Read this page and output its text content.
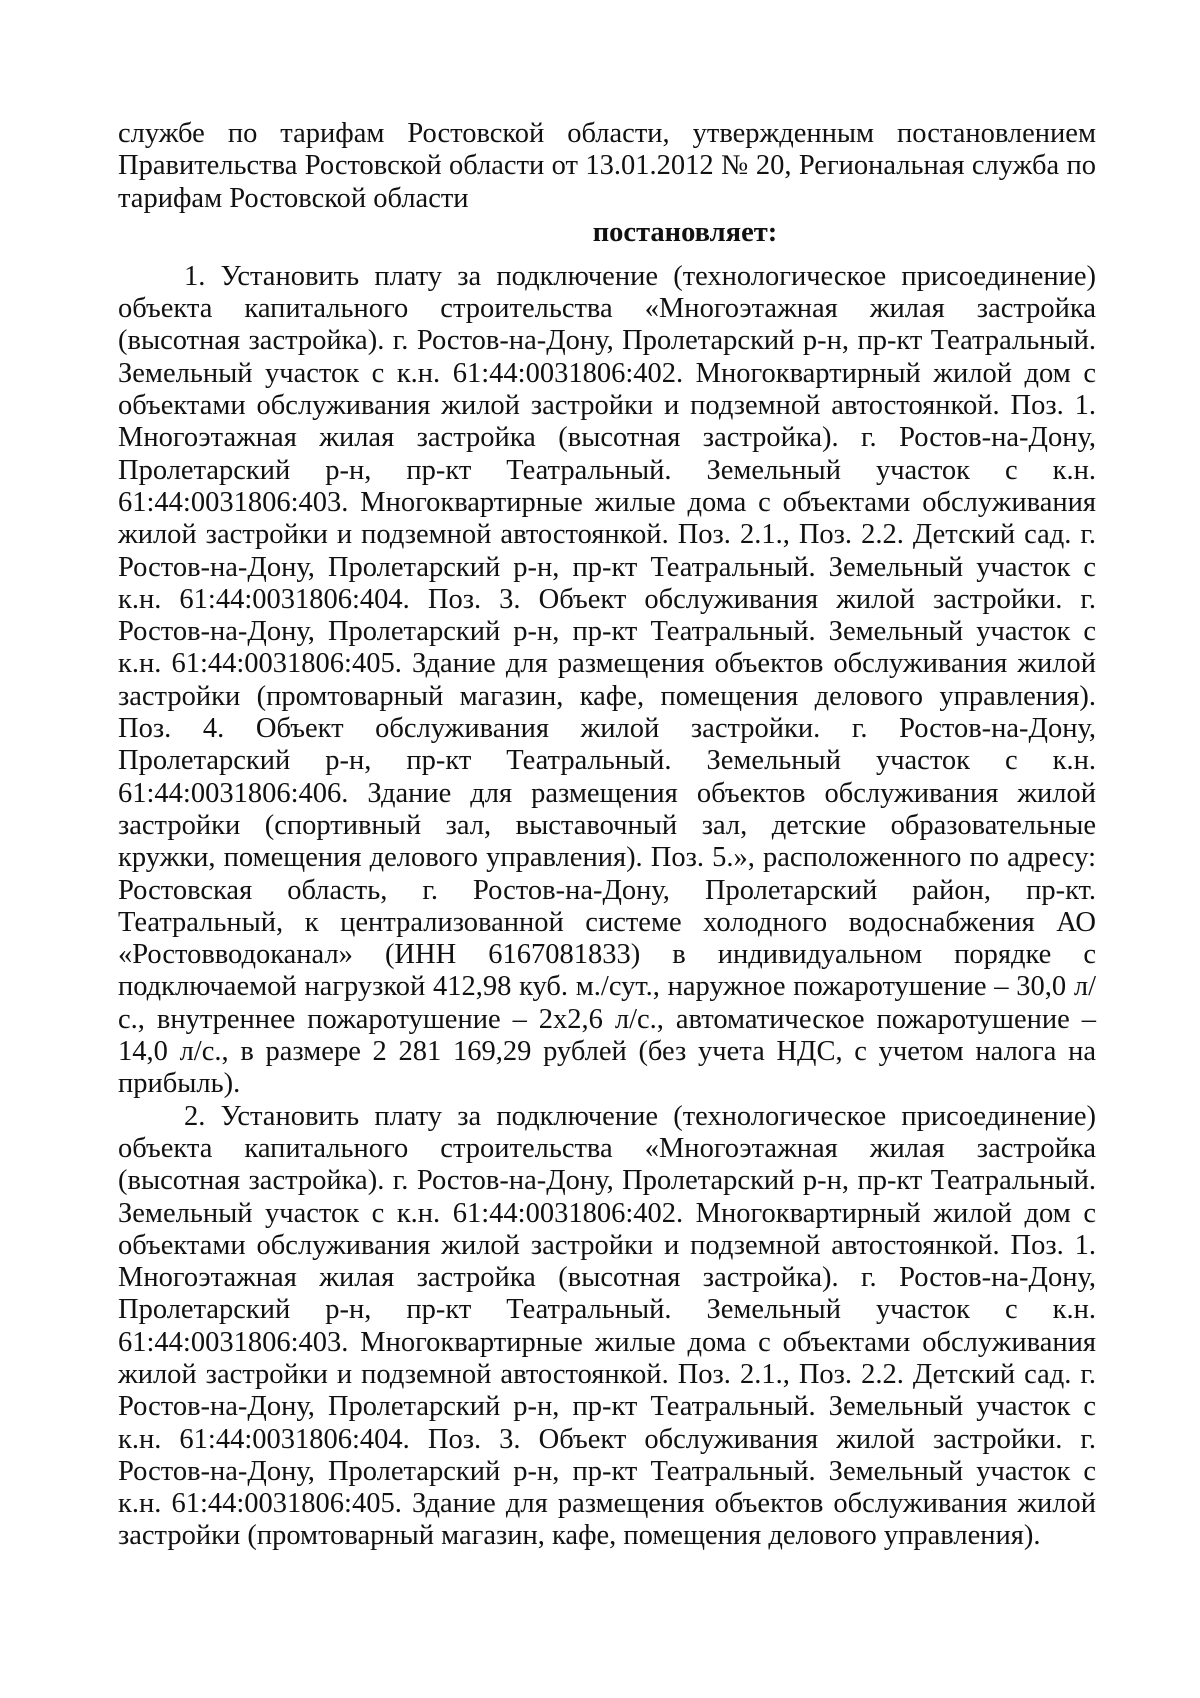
службе по тарифам Ростовской области, утвержденным постановлением Правительства Ростовской области от 13.01.2012 № 20, Региональная служба по тарифам Ростовской области

постановляет:

1. Установить плату за подключение (технологическое присоединение) объекта капитального строительства «Многоэтажная жилая застройка (высотная застройка). г. Ростов-на-Дону, Пролетарский р-н, пр-кт Театральный. Земельный участок с к.н. 61:44:0031806:402. Многоквартирный жилой дом с объектами обслуживания жилой застройки и подземной автостоянкой. Поз. 1. Многоэтажная жилая застройка (высотная застройка). г. Ростов-на-Дону, Пролетарский р-н, пр-кт Театральный. Земельный участок с к.н. 61:44:0031806:403. Многоквартирные жилые дома с объектами обслуживания жилой застройки и подземной автостоянкой. Поз. 2.1., Поз. 2.2. Детский сад. г. Ростов-на-Дону, Пролетарский р-н, пр-кт Театральный. Земельный участок с к.н. 61:44:0031806:404. Поз. 3. Объект обслуживания жилой застройки. г. Ростов-на-Дону, Пролетарский р-н, пр-кт Театральный. Земельный участок с к.н. 61:44:0031806:405. Здание для размещения объектов обслуживания жилой застройки (промтоварный магазин, кафе, помещения делового управления). Поз. 4. Объект обслуживания жилой застройки. г. Ростов-на-Дону, Пролетарский р-н, пр-кт Театральный. Земельный участок с к.н. 61:44:0031806:406. Здание для размещения объектов обслуживания жилой застройки (спортивный зал, выставочный зал, детские образовательные кружки, помещения делового управления). Поз. 5.», расположенного по адресу: Ростовская область, г. Ростов-на-Дону, Пролетарский район, пр-кт. Театральный, к централизованной системе холодного водоснабжения АО «Ростовводоканал» (ИНН 6167081833) в индивидуальном порядке с подключаемой нагрузкой 412,98 куб. м./сут., наружное пожаротушение – 30,0 л/с., внутреннее пожаротушение – 2х2,6 л/с., автоматическое пожаротушение – 14,0 л/с., в размере 2 281 169,29 рублей (без учета НДС, с учетом налога на прибыль).

2. Установить плату за подключение (технологическое присоединение) объекта капитального строительства «Многоэтажная жилая застройка (высотная застройка). г. Ростов-на-Дону, Пролетарский р-н, пр-кт Театральный. Земельный участок с к.н. 61:44:0031806:402. Многоквартирный жилой дом с объектами обслуживания жилой застройки и подземной автостоянкой. Поз. 1. Многоэтажная жилая застройка (высотная застройка). г. Ростов-на-Дону, Пролетарский р-н, пр-кт Театральный. Земельный участок с к.н. 61:44:0031806:403. Многоквартирные жилые дома с объектами обслуживания жилой застройки и подземной автостоянкой. Поз. 2.1., Поз. 2.2. Детский сад. г. Ростов-на-Дону, Пролетарский р-н, пр-кт Театральный. Земельный участок с к.н. 61:44:0031806:404. Поз. 3. Объект обслуживания жилой застройки. г. Ростов-на-Дону, Пролетарский р-н, пр-кт Театральный. Земельный участок с к.н. 61:44:0031806:405. Здание для размещения объектов обслуживания жилой застройки (промтоварный магазин, кафе, помещения делового управления).
